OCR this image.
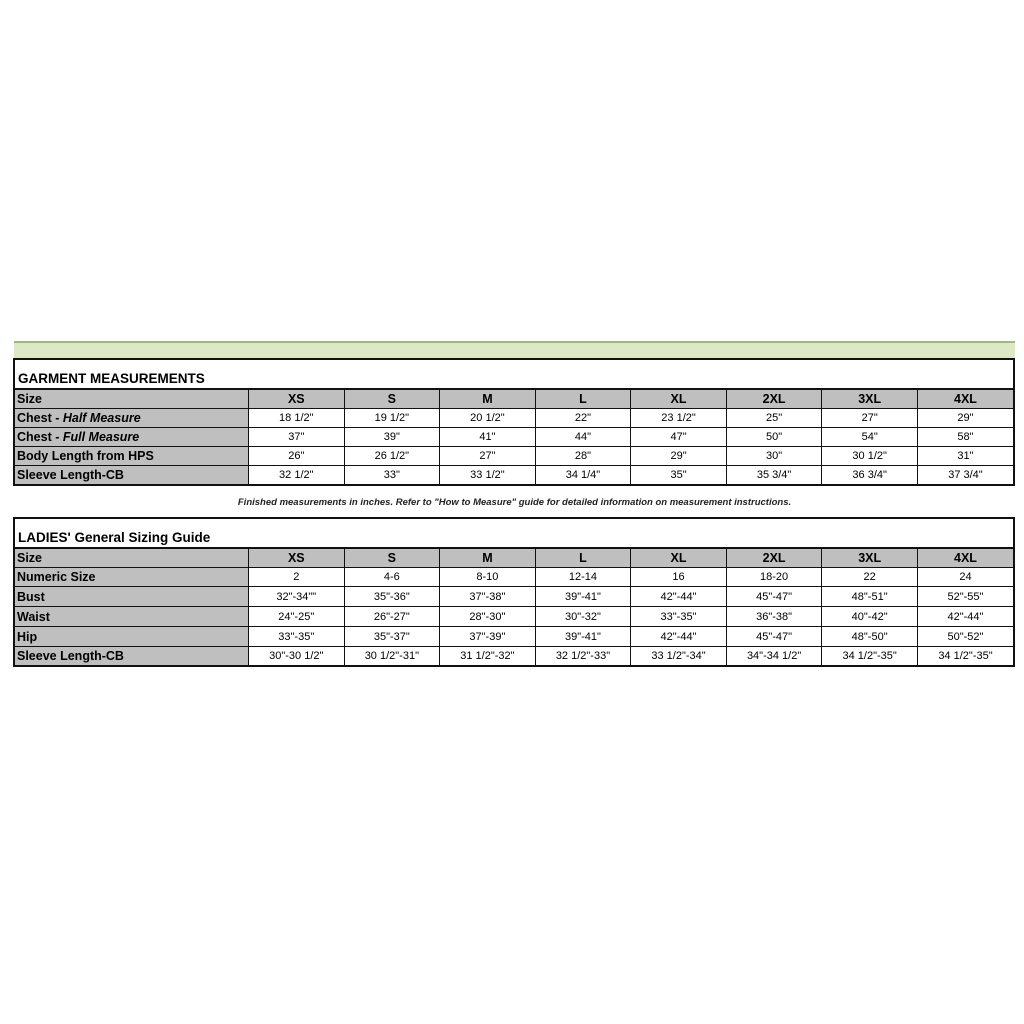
GARMENT MEASUREMENTS
Size	XS	S	M	L	XL	2XL	3XL	4XL
Chest - Half Measure	18 1/2"	19 1/2"	20 1/2"	22"	23 1/2"	25"	27"	29"
Chest - Full Measure	37"	39"	41"	44"	47"	50"	54"	58"
Body Length from HPS	26"	26 1/2"	27"	28"	29"	30"	30 1/2"	31"
Sleeve Length-CB	32 1/2"	33"	33 1/2"	34 1/4"	35"	35 3/4"	36 3/4"	37 3/4"
Finished measurements in inches. Refer to "How to Measure" guide for detailed information on measurement instructions.
LADIES' General Sizing Guide
Size	XS	S	M	L	XL	2XL	3XL	4XL
Numeric Size	2	4-6	8-10	12-14	16	18-20	22	24
Bust	32"-34""	35"-36"	37"-38"	39"-41"	42"-44"	45"-47"	48"-51"	52"-55"
Waist	24"-25"	26"-27"	28"-30"	30"-32"	33"-35"	36"-38"	40"-42"	42"-44"
Hip	33"-35"	35"-37"	37"-39"	39"-41"	42"-44"	45"-47"	48"-50"	50"-52"
Sleeve Length-CB	30"-30 1/2"	30 1/2"-31"	31 1/2"-32"	32 1/2"-33"	33 1/2"-34"	34"-34 1/2"	34 1/2"-35"	34 1/2"-35"
